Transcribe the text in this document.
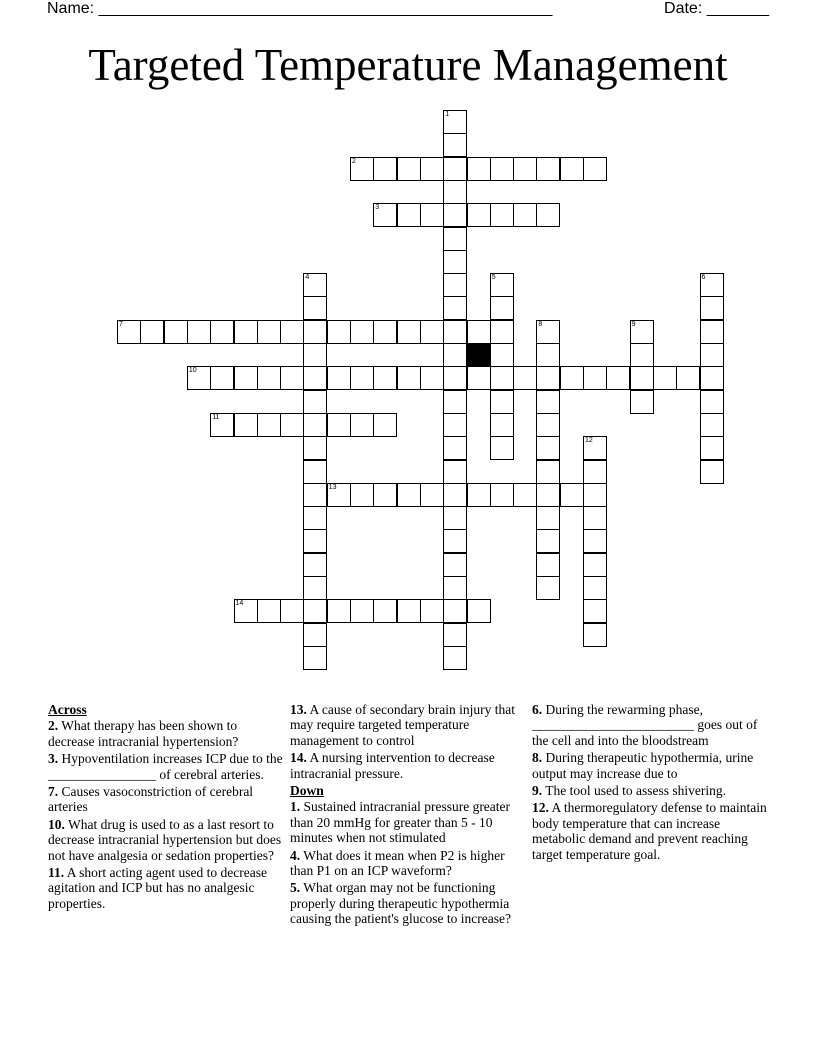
Name: ___________________________________________________	Date: _______
Targeted Temperature Management
1
2
3
4	5	6
7	8	9
10
11
12
13
14
Across
2. What therapy has been shown to decrease intracranial hypertension?
3. Hypoventilation increases ICP due to the ________________ of cerebral arteries.
7. Causes vasoconstriction of cerebral arteries
10. What drug is used to as a last resort to decrease intracranial hypertension but does not have analgesia or sedation properties?
11. A short acting agent used to decrease agitation and ICP but has no analgesic properties.
13. A cause of secondary brain injury that may require targeted temperature management to control
14. A nursing intervention to decrease intracranial pressure.
Down
1. Sustained intracranial pressure greater than 20 mmHg for greater than 5 - 10 minutes when not stimulated
4. What does it mean when P2 is higher than P1 on an ICP waveform?
5. What organ may not be functioning properly during therapeutic hypothermia causing the patient's glucose to increase?
6. During the rewarming phase, ________________________ goes out of the cell and into the bloodstream
8. During therapeutic hypothermia, urine output may increase due to
9. The tool used to assess shivering.
12. A thermoregulatory defense to maintain body temperature that can increase metabolic demand and prevent reaching target temperature goal.
